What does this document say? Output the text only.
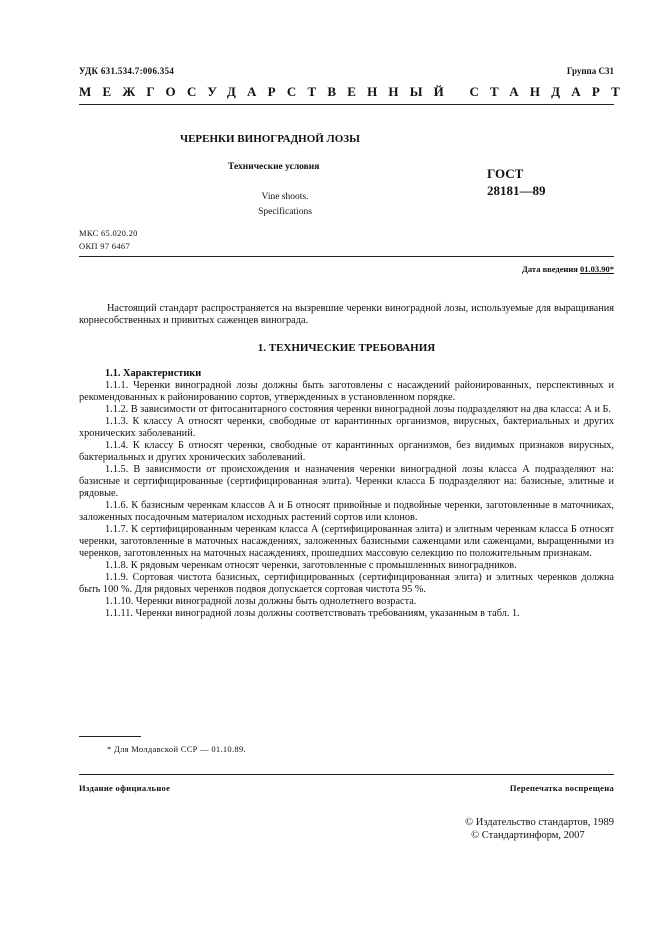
УДК 631.534.7:006.354	Группа С31
МЕЖГОСУДАРСТВЕННЫЙ СТАНДАРТ
ЧЕРЕНКИ ВИНОГРАДНОЙ ЛОЗЫ
Технические условия	ГОСТ
28181—89
Vine shoots.
Specifications
МКС 65.020.20
ОКП 97 6467
Дата введения 01.03.90*

Настоящий стандарт распространяется на вызревшие черенки виноградной лозы, используемые для выращивания корнесобственных и привитых саженцев винограда.

1. ТЕХНИЧЕСКИЕ ТРЕБОВАНИЯ

1.1. Характеристики

1.1.1. Черенки виноградной лозы должны быть заготовлены с насаждений районированных, перспективных и рекомендованных к районированию сортов, утвержденных в установленном порядке.

1.1.2. В зависимости от фитосанитарного состояния черенки виноградной лозы подразделяют на два класса: А и Б.

1.1.3. К классу А относят черенки, свободные от карантинных организмов, вирусных, бактериальных и других хронических заболеваний.

1.1.4. К классу Б относят черенки, свободные от карантинных организмов, без видимых признаков вирусных, бактериальных и других хронических заболеваний.

1.1.5. В зависимости от происхождения и назначения черенки виноградной лозы класса А подразделяют на: базисные и сертифицированные (сертифицированная элита). Черенки класса Б подразделяют на: базисные, элитные и рядовые.

1.1.6. К базисным черенкам классов А и Б относят привойные и подвойные черенки, заготовленные в маточниках, заложенных посадочным материалом исходных растений сортов или клонов.

1.1.7. К сертифицированным черенкам класса А (сертифицированная элита) и элитным черенкам класса Б относят черенки, заготовленные в маточных насаждениях, заложенных базисными саженцами или саженцами, выращенными из черенков, заготовленных на маточных насаждениях, прошедших массовую селекцию по положительным признакам.

1.1.8. К рядовым черенкам относят черенки, заготовленные с промышленных виноградников.

1.1.9. Сортовая чистота базисных, сертифицированных (сертифицированная элита) и элитных черенков должна быть 100 %. Для рядовых черенков подвоя допускается сортовая чистота 95 %.

1.1.10. Черенки виноградной лозы должны быть однолетнего возраста.

1.1.11. Черенки виноградной лозы должны соответствовать требованиям, указанным в табл. 1.

* Для Молдавской ССР — 01.10.89.
Издание официальное	Перепечатка воспрещена
© Издательство стандартов, 1989
© Стандартинформ, 2007
